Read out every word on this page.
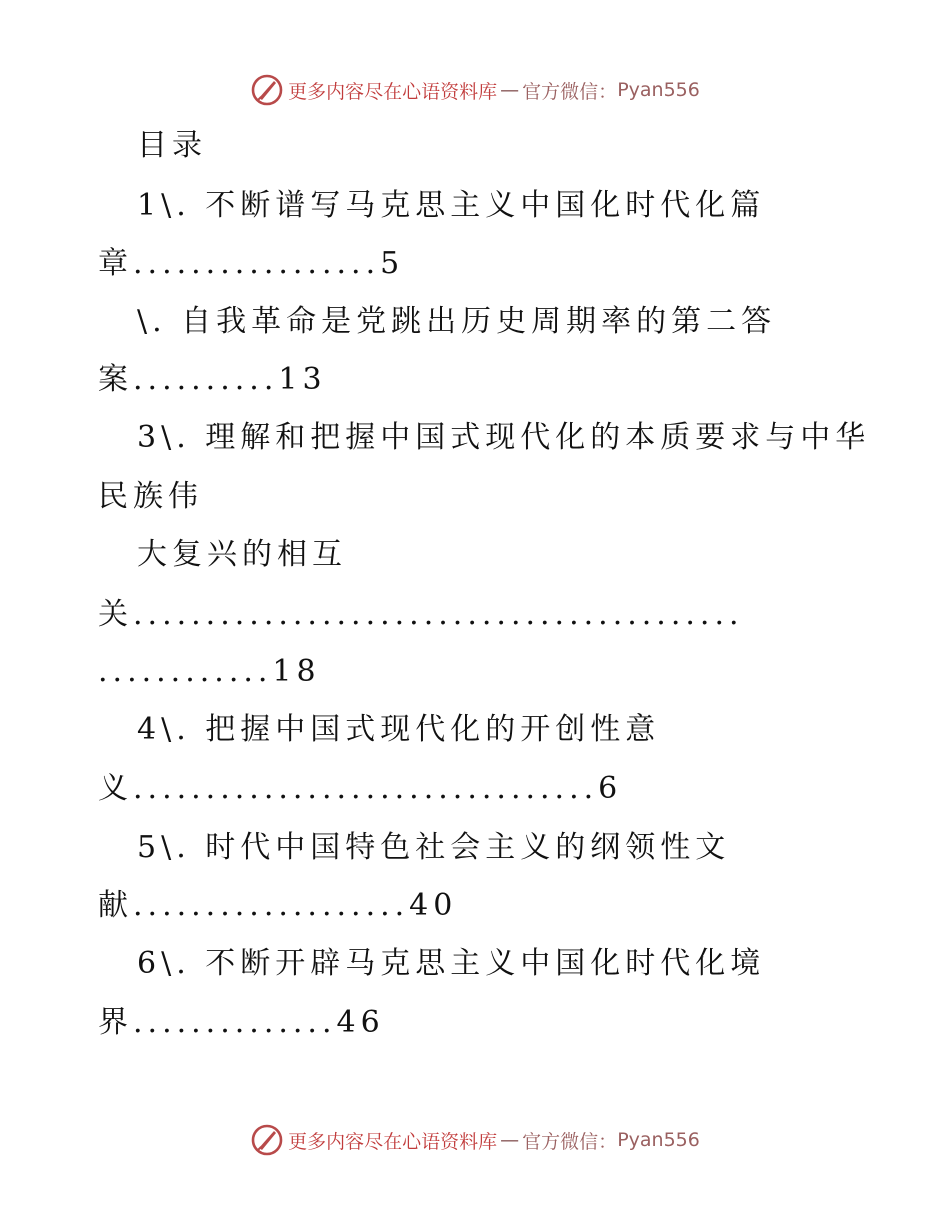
更多内容尽在心语资料库 — 官方微信： Pyan556
目录
1\. 不断谱写马克思主义中国化时代化篇
章.................5
\. 自我革命是党跳出历史周期率的第二答
案..........13
3\. 理解和把握中国式现代化的本质要求与中华
民族伟
大复兴的相互
关..........................................
............18
4\. 把握中国式现代化的开创性意
义................................6
5\. 时代中国特色社会主义的纲领性文
献...................40
6\. 不断开辟马克思主义中国化时代化境
界..............46
更多内容尽在心语资料库 — 官方微信： Pyan556
